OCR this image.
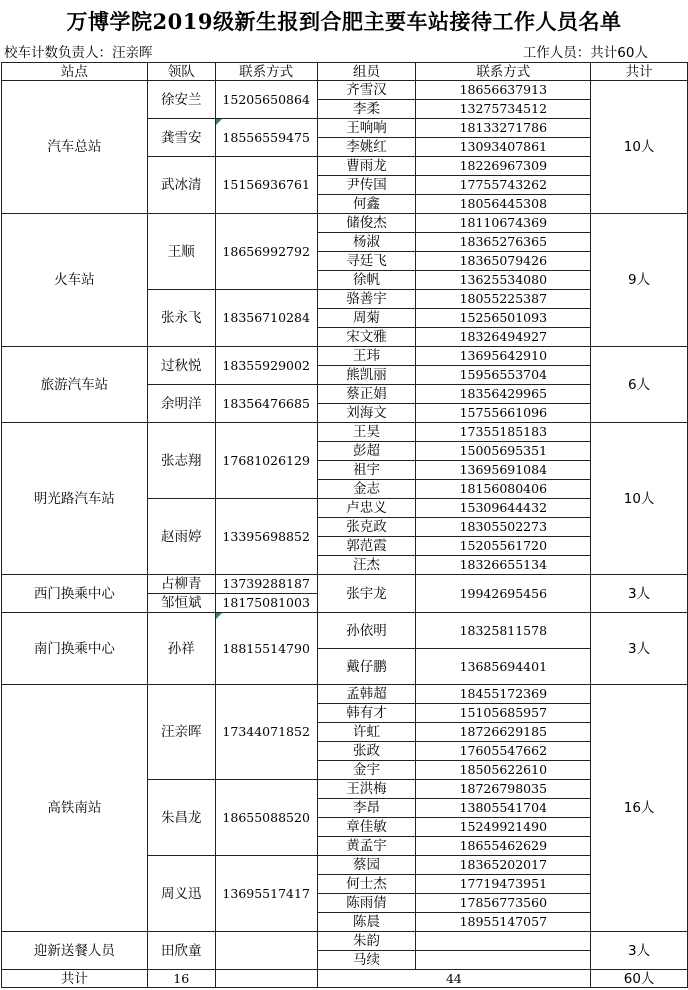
万博学院2019级新生报到合肥主要车站接待工作人员名单
校车计数负责人：汪亲晖	工作人员：共计60人
站点	领队	联系方式	组员	联系方式	共计
汽车总站	徐安兰	15205650864	齐雪汉	18656637913	10人
			李柔	13275734512	
	龚雪安	18556559475	王响响	18133271786	
			李姚红	13093407861	
	武冰清	15156936761	曹雨龙	18226967309	
			尹传国	17755743262	
			何鑫	18056445308	
火车站	王顺	18656992792	储俊杰	18110674369	9人
			杨淑	18365276365	
			寻廷飞	18365079426	
			徐帆	13625534080	
	张永飞	18356710284	骆善宇	18055225387	
			周菊	15256501093	
			宋文雅	18326494927	
旅游汽车站	过秋悦	18355929002	王玮	13695642910	6人
			熊凯丽	15956553704	
	余明洋	18356476685	蔡正娟	18356429965	
			刘海文	15755661096	
明光路汽车站	张志翔	17681026129	王昊	17355185183	10人
			彭超	15005695351	
			祖宇	13695691084	
			金志	18156080406	
	赵雨婷	13395698852	卢忠义	15309644432	
			张克政	18305502273	
			郭范霞	15205561720	
			汪杰	18326655134	
西门换乘中心	占柳青	13739288187	张宇龙	19942695456	3人
	邹恒斌	18175081003			
南门换乘中心	孙祥	18815514790	孙依明	18325811578	3人
			戴仔鹏	13685694401	
高铁南站	汪亲晖	17344071852	孟韩超	18455172369	16人
			韩有才	15105685957	
			许虹	18726629185	
			张政	17605547662	
			金宇	18505622610	
	朱昌龙	18655088520	王洪梅	18726798035	
			李昂	13805541704	
			章佳敏	15249921490	
			黄孟宇	18655462629	
	周义迅	13695517417	蔡园	18365202017	
			何士杰	17719473951	
			陈雨倩	17856773560	
			陈晨	18955147057	
迎新送餐人员	田欣童		朱韵		3人
			马续		
共计	16		44		60人
